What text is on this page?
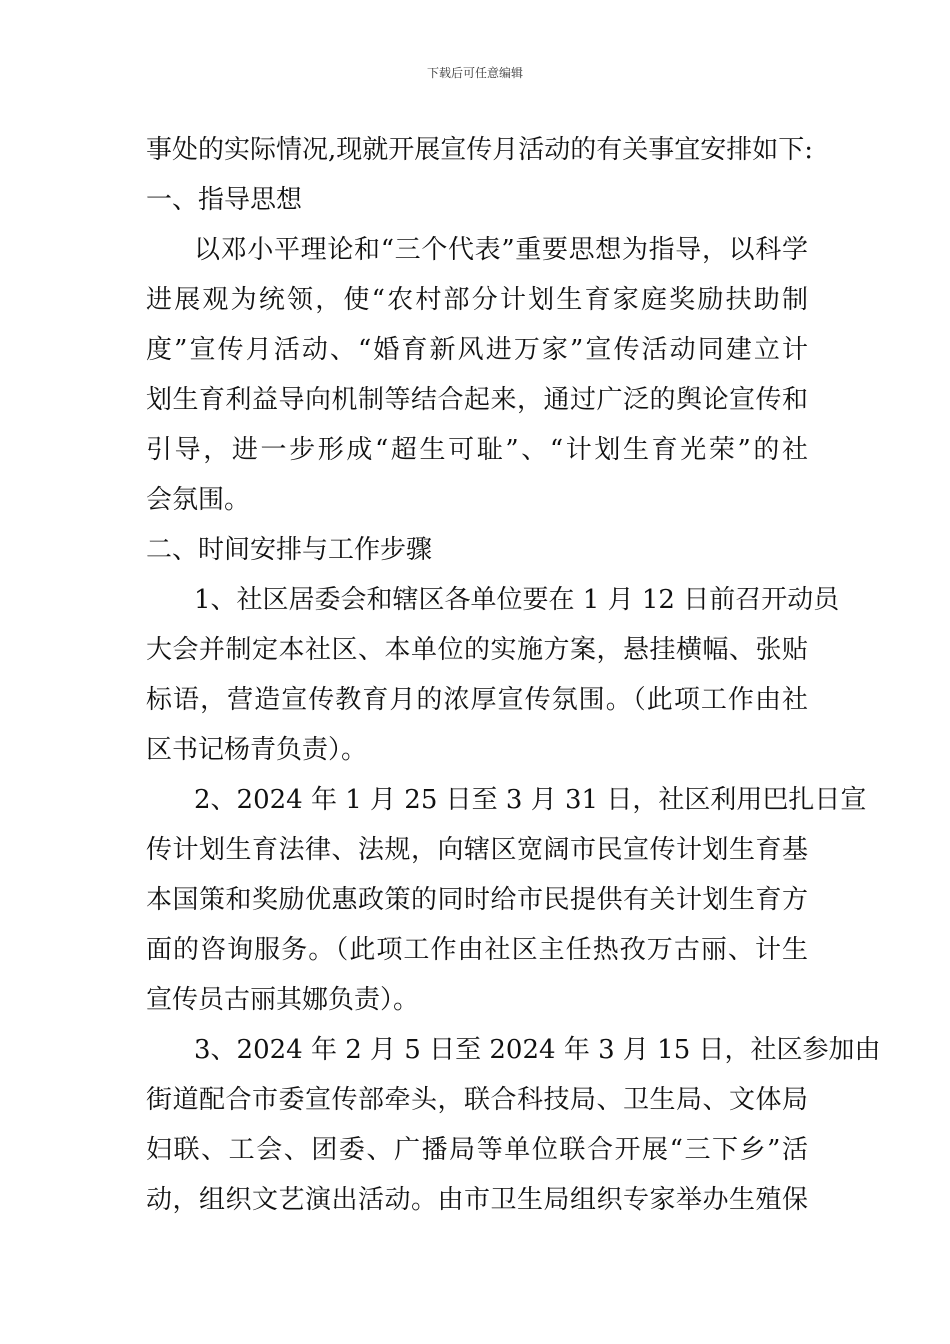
下载后可任意编辑
事处的实际情况,现就开展宣传月活动的有关事宜安排如下:
一、指导思想
以邓小平理论和“三个代表”重要思想为指导，以科学
进展观为统领，使“农村部分计划生育家庭奖励扶助制
度”宣传月活动、“婚育新风进万家”宣传活动同建立计
划生育利益导向机制等结合起来，通过广泛的舆论宣传和
引导，进一步形成“超生可耻”、“计划生育光荣”的社
会氛围。
二、时间安排与工作步骤
1、社区居委会和辖区各单位要在 1 月 12 日前召开动员
大会并制定本社区、本单位的实施方案，悬挂横幅、张贴
标语，营造宣传教育月的浓厚宣传氛围。（此项工作由社
区书记杨青负责）。
2、2024 年 1 月 25 日至 3 月 31 日，社区利用巴扎日宣
传计划生育法律、法规，向辖区宽阔市民宣传计划生育基
本国策和奖励优惠政策的同时给市民提供有关计划生育方
面的咨询服务。（此项工作由社区主任热孜万古丽、计生
宣传员古丽其娜负责）。
3、2024 年 2 月 5 日至 2024 年 3 月 15 日，社区参加由
街道配合市委宣传部牵头，联合科技局、卫生局、文体局
妇联、工会、团委、广播局等单位联合开展“三下乡”活
动，组织文艺演出活动。由市卫生局组织专家举办生殖保
